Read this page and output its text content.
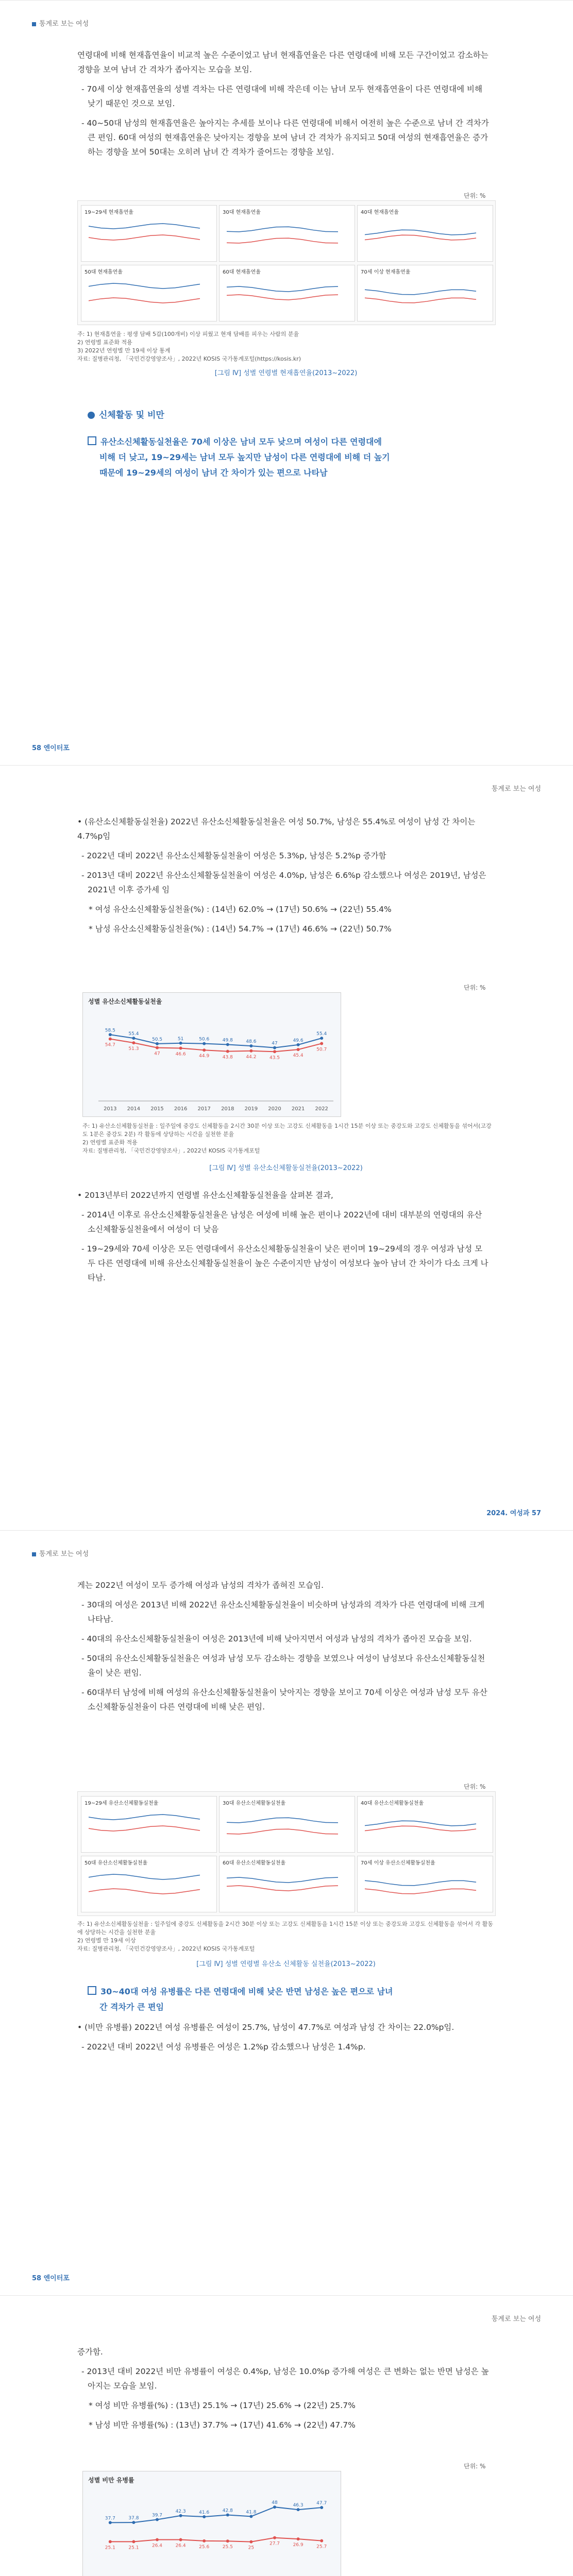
통계로 보는 여성

연령대에 비해 현재흡연율이 비교적 높은 수준이었고 남녀 현재흡연율은 다른 연령대에 비해 모든 구간이었고 감소하는 경향을 보여 남녀 간 격차가 좁아지는 모습을 보임.

- 70세 이상 현재흡연율의 성별 격차는 다른 연령대에 비해 작은데 이는 남녀 모두 현재흡연율이 다른 연령대에 비해 낮기 때문인 것으로 보임.

- 40~50대 남성의 현재흡연율은 높아지는 추세를 보이나 다른 연령대에 비해서 여전히 높은 수준으로 남녀 간 격차가 큰 편임. 60대 여성의 현재흡연율은 낮아지는 경향을 보여 남녀 간 격차가 유지되고 50대 여성의 현재흡연율은 증가하는 경향을 보여 50대는 오히려 남녀 간 격차가 줄어드는 경향을 보임.

단위: %
19~29세 현재흡연율	30대 현재흡연율	40대 현재흡연율
50대 현재흡연율	60대 현재흡연율	70세 이상 현재흡연율
주: 1) 현재흡연율 : 평생 담배 5갑(100개비) 이상 피웠고 현재 담배를 피우는 사람의 분율
2) 연령별 표준화 적용
3) 2022년 연령별 만 19세 이상 통계
자료: 질병관리청, 「국민건강영양조사」, 2022년 KOSIS 국가통계포털(https://kosis.kr)
[그림 Ⅳ] 성별 연령별 현재흡연율(2013~2022)
신체활동 및 비만
유산소신체활동실천율은 70세 이상은 남녀 모두 낮으며 여성이 다른 연령대에
비해 더 낮고, 19~29세는 남녀 모두 높지만 남성이 다른 연령대에 비해 더 높기
때문에 19~29세의 여성이 남녀 간 차이가 있는 편으로 나타남
58 엔이터포
통계로 보는 여성

• (유산소신체활동실천율) 2022년 유산소신체활동실천율은 여성 50.7%, 남성은 55.4%로 여성이 남성 간 차이는 4.7%p임

- 2022년 대비 2022년 유산소신체활동실천율이 여성은 5.3%p, 남성은 5.2%p 증가함

- 2013년 대비 2022년 유산소신체활동실천율이 여성은 4.0%p, 남성은 6.6%p 감소했으나 여성은 2019년, 남성은 2021년 이후 증가세 임

* 여성 유산소신체활동실천율(%) : (14년) 62.0% → (17년) 50.6% → (22년) 55.4%

* 남성 유산소신체활동실천율(%) : (14년) 54.7% → (17년) 46.6% → (22년) 50.7%

단위: %
성별 유산소신체활동실천율
2013 2014 2015 2016 2017 2018 2019 2020 2021 2022
58.5
55.4
50.5	51	50.6	49.8	48.6	47
49.6
55.4
54.7
51.3
47	46.6	44.9	43.8	44.2	43.5	45.4
50.7
주: 1) 유산소신체활동실천율 : 일주일에 중강도 신체활동을 2시간 30분 이상 또는 고강도 신체활동을 1시간 15분 이상 또는 중강도와 고강도 신체활동을 섞어서(고강도 1분은 중강도 2분) 각 활동에 상당하는 시간을 실천한 분율
2) 연령별 표준화 적용
자료: 질병관리청, 「국민건강영양조사」, 2022년 KOSIS 국가통계포털
[그림 Ⅳ] 성별 유산소신체활동실천율(2013~2022)

• 2013년부터 2022년까지 연령별 유산소신체활동실천율을 살펴본 결과,

- 2014년 이후로 유산소신체활동실천율은 남성은 여성에 비해 높은 편이나 2022년에 대비 대부분의 연령대의 유산소신체활동실천율에서 여성이 더 낮음

- 19~29세와 70세 이상은 모든 연령대에서 유산소신체활동실천율이 낮은 편이며 19~29세의 경우 여성과 남성 모두 다른 연령대에 비해 유산소신체활동실천율이 높은 수준이지만 남성이 여성보다 높아 남녀 간 차이가 다소 크게 나타남.

2024. 여성과 57
통계로 보는 여성

게는 2022년 여성이 모두 증가해 여성과 남성의 격차가 좁혀진 모습임.

- 30대의 여성은 2013년 비해 2022년 유산소신체활동실천율이 비슷하며 남성과의 격차가 다른 연령대에 비해 크게 나타남.

- 40대의 유산소신체활동실천율이 여성은 2013년에 비해 낮아지면서 여성과 남성의 격차가 좁아진 모습을 보임.

- 50대의 유산소신체활동실천율은 여성과 남성 모두 감소하는 경향을 보였으나 여성이 남성보다 유산소신체활동실천율이 낮은 편임.

- 60대부터 남성에 비해 여성의 유산소신체활동실천율이 낮아지는 경향을 보이고 70세 이상은 여성과 남성 모두 유산소신체활동실천율이 다른 연령대에 비해 낮은 편임.

단위: %
19~29세 유산소신체활동실천율	30대 유산소신체활동실천율	40대 유산소신체활동실천율
50대 유산소신체활동실천율	60대 유산소신체활동실천율	70세 이상 유산소신체활동실천율
주: 1) 유산소신체활동실천율 : 일주일에 중강도 신체활동을 2시간 30분 이상 또는 고강도 신체활동을 1시간 15분 이상 또는 중강도와 고강도 신체활동을 섞어서 각 활동에 상당하는 시간을 실천한 분율
2) 연령별 만 19세 이상
자료: 질병관리청, 「국민건강영양조사」, 2022년 KOSIS 국가통계포털
[그림 Ⅳ] 성별 연령별 유산소 신체활동 실천율(2013~2022)
30~40대 여성 유병률은 다른 연령대에 비해 낮은 반면 남성은 높은 편으로 남녀
간 격차가 큰 편임

• (비만 유병률) 2022년 여성 유병률은 여성이 25.7%, 남성이 47.7%로 여성과 남성 간 차이는 22.0%p임.

- 2022년 대비 2022년 여성 유병률은 여성은 1.2%p 감소했으나 남성은 1.4%p.

58 엔이터포
통계로 보는 여성

증가함.

- 2013년 대비 2022년 비만 유병률이 여성은 0.4%p, 남성은 10.0%p 증가해 여성은 큰 변화는 없는 반면 남성은 높아지는 모습을 보임.

* 여성 비만 유병률(%) : (13년) 25.1% → (17년) 25.6% → (22년) 25.7%

* 남성 비만 유병률(%) : (13년) 37.7% → (17년) 41.6% → (22년) 47.7%

단위: %
성별 비만 유병률
37.7	37.8
39.7
42.3	41.6	42.8	41.8
48	46.3	47.7
25.1	25.1	26.4	26.4	25.6	25.5	25
27.7	26.9	25.7
